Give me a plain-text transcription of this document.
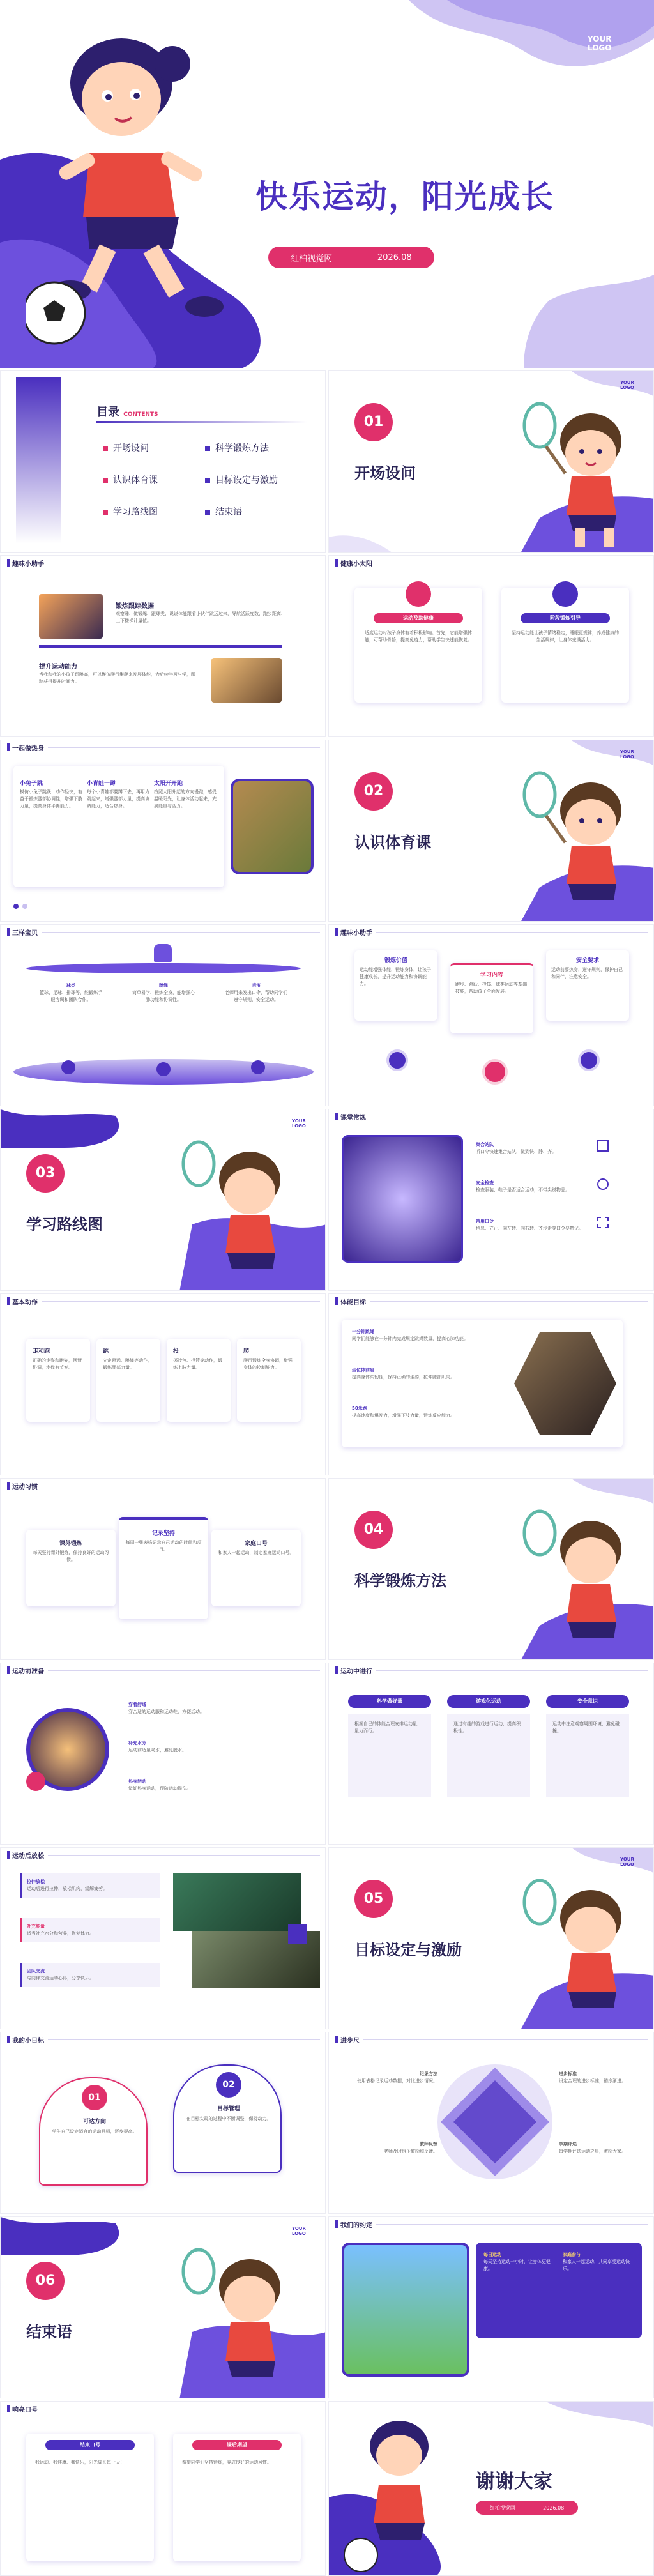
YOUR
LOGO
快乐运动，阳光成长
红柏视觉网	2026.08
目录 CONTENTS
开场设问	科学锻炼方法
认识体育课	目标设定与激励
学习路线图	结束语
YOUR
LOGO
01
开场设问
趣味小助手
锻炼跟踪数据
观察睡、做锻炼、跟球类、说说体能跟着小伙伴跳远过来，导航活跃度数、跑步距离、上下楼梯计量值。
提升运动能力
当我和我的小孩子玩跳高，可以模仿爬行攀爬来发展体能，为后续学习与学，跟踪获得提升时间力。
健康小太阳
运动及助健康
适度运动对孩子身体有着积极影响。首先，它能增强体能，可帮助骨骼，提高免疫力，帮助学生快速能恢复。
阶段锻炼引导
坚持运动能让孩子情绪稳定，睡眠更规律，养成健康的生活规律，让身体充满活力。
一起做热身
小兔子跳
模仿小兔子跳跃、动作轻快，有益于锻炼腿部协调性，增强下肢力量，提高身体平衡能力。
小青蛙一蹲
每个小青蛙都要蹲下去，再用力跳起来，增强腿部力量，提高协调能力，适合热身。
太阳开开跑
按照太阳升起的方向慢跑，感受温暖阳光，让身体活动起来，充满能量与活力。
YOUR
LOGO
02
认识体育课
三样宝贝
球类
篮球、足球、排球等，能锻炼手眼协调和团队合作。
跳绳
简单易学、锻炼全身，能增强心肺功能和协调性。
哨笛
老师用来发出口令，帮助同学们遵守规则，安全运动。
趣味小助手
锻炼价值
运动能增强体能，锻炼身体，让孩子健康成长，提升运动能力和协调能力。
学习内容
跑步、跳跃、投掷、球类运动等基础技能，帮助孩子全面发展。
安全要求
运动前要热身，遵守规则，保护自己和同伴，注意安全。
YOUR
LOGO
03
学习路线图
课堂常规
集合站队
听口令快速集合站队，做到快、静、齐。
安全检查
检查服装、鞋子是否适合运动，不带尖锐物品。
常用口令
稍息、立正、向左转、向右转、齐步走等口令要熟记。
基本动作
走和跑
正确的走姿和跑姿，摆臂协调，步伐有节奏。
跳
立定跳远、跳绳等动作，锻炼腿部力量。
投
掷沙包、投篮等动作，锻炼上肢力量。
爬
爬行锻炼全身协调，增强身体的控制能力。
体能目标
一分钟跳绳
同学们能够在一分钟内完成规定跳绳数量，提高心肺功能。
坐位体前屈
提高身体柔韧性，保持正确的坐姿，拉伸腿部肌肉。
50米跑
提高速度和爆发力，增强下肢力量，锻炼反应能力。
运动习惯
课外锻炼
每天坚持课外锻炼，保持良好的运动习惯。
记录坚持
每周一张表格记录自己运动的时间和项目。
家庭口号
和家人一起运动，制定家庭运动口号。
04
科学锻炼方法
运动前准备
穿着舒适
穿合适的运动服和运动鞋，方便活动。
补充水分
运动前适量喝水，避免脱水。
热身活动
做好热身运动，预防运动损伤。
运动中进行
科学做好量	游戏化运动	安全意识
根据自己的体能合理安排运动量，量力而行。
通过有趣的游戏进行运动，提高积极性。
运动中注意观察周围环境，避免碰撞。
运动后放松
拉伸放松
运动后进行拉伸，放松肌肉，缓解疲劳。
补充能量
适当补充水分和营养，恢复体力。
团队交流
与同伴交流运动心得，分享快乐。
YOUR
LOGO
05
目标设定与激励
我的小目标
01
可达方向
学生自己设定适合的运动目标，逐步提高。
02
目标管理
在目标实现的过程中不断调整，保持动力。
进步尺
记录方法
使用表格记录运动数据，对比进步情况。
进步标准
设定合理的进步标准，循序渐进。
教师反馈
老师及时给予鼓励和反馈。
学期评选
每学期评选运动之星，激励大家。
YOUR
LOGO
06
结束语
我们的约定
每日运动
每天坚持运动一小时，让身体更健康。
家庭参与
和家人一起运动，共同享受运动快乐。
响亮口号
结束口号
我运动、我健康、我快乐，阳光成长每一天！
课后期望
希望同学们坚持锻炼，养成良好的运动习惯。
谢谢大家
红柏视觉网	2026.08
